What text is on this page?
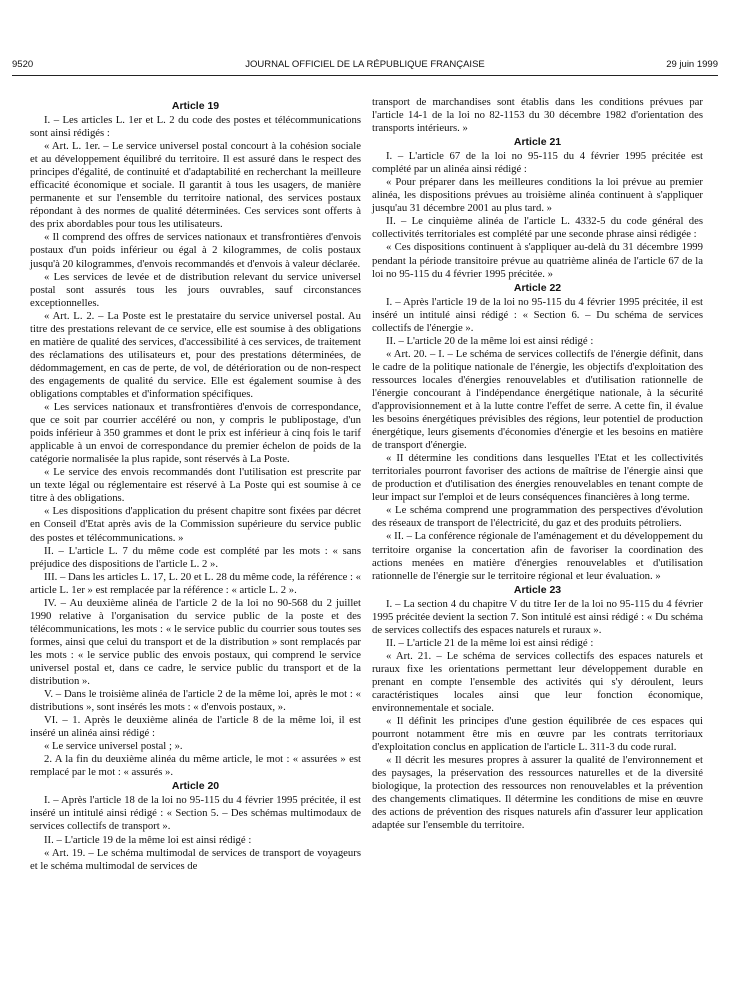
9520	JOURNAL OFFICIEL DE LA RÉPUBLIQUE FRANÇAISE	29 juin 1999
Article 19

I. – Les articles L. 1er et L. 2 du code des postes et télécommunications sont ainsi rédigés :

« Art. L. 1er. – Le service universel postal concourt à la cohésion sociale et au développement équilibré du territoire. Il est assuré dans le respect des principes d'égalité, de continuité et d'adaptabilité en recherchant la meilleure efficacité économique et sociale. Il garantit à tous les usagers, de manière permanente et sur l'ensemble du territoire national, des services postaux répondant à des normes de qualité déterminées. Ces services sont offerts à des prix abordables pour tous les utilisateurs.

« Il comprend des offres de services nationaux et transfrontières d'envois postaux d'un poids inférieur ou égal à 2 kilogrammes, de colis postaux jusqu'à 20 kilogrammes, d'envois recommandés et d'envois à valeur déclarée.

« Les services de levée et de distribution relevant du service universel postal sont assurés tous les jours ouvrables, sauf circonstances exceptionnelles.

« Art. L. 2. – La Poste est le prestataire du service universel postal. Au titre des prestations relevant de ce service, elle est soumise à des obligations en matière de qualité des services, d'accessibilité à ces services, de traitement des réclamations des utilisateurs et, pour des prestations déterminées, de dédommagement, en cas de perte, de vol, de détérioration ou de non-respect des engagements de qualité du service. Elle est également soumise à des obligations comptables et d'information spécifiques.

« Les services nationaux et transfrontières d'envois de correspondance, que ce soit par courrier accéléré ou non, y compris le publipostage, d'un poids inférieur à 350 grammes et dont le prix est inférieur à cinq fois le tarif applicable à un envoi de correspondance du premier échelon de poids de la catégorie normalisée la plus rapide, sont réservés à La Poste.

« Le service des envois recommandés dont l'utilisation est prescrite par un texte légal ou réglementaire est réservé à La Poste qui est soumise à ce titre à des obligations.

« Les dispositions d'application du présent chapitre sont fixées par décret en Conseil d'Etat après avis de la Commission supérieure du service public des postes et télécommunications. »

II. – L'article L. 7 du même code est complété par les mots : « sans préjudice des dispositions de l'article L. 2 ».

III. – Dans les articles L. 17, L. 20 et L. 28 du même code, la référence : « article L. 1er » est remplacée par la référence : « article L. 2 ».

IV. – Au deuxième alinéa de l'article 2 de la loi no 90-568 du 2 juillet 1990 relative à l'organisation du service public de la poste et des télécommunications, les mots : « le service public du courrier sous toutes ses formes, ainsi que celui du transport et de la distribution » sont remplacés par les mots : « le service public des envois postaux, qui comprend le service universel postal et, dans ce cadre, le service public du transport et de la distribution ».

V. – Dans le troisième alinéa de l'article 2 de la même loi, après le mot : « distributions », sont insérés les mots : « d'envois postaux, ».

VI. – 1. Après le deuxième alinéa de l'article 8 de la même loi, il est inséré un alinéa ainsi rédigé :

« Le service universel postal ; ».

2. A la fin du deuxième alinéa du même article, le mot : « assurées » est remplacé par le mot : « assurés ».

Article 20

I. – Après l'article 18 de la loi no 95-115 du 4 février 1995 précitée, il est inséré un intitulé ainsi rédigé : « Section 5. – Des schémas multimodaux de services collectifs de transport ».

II. – L'article 19 de la même loi est ainsi rédigé :

« Art. 19. – Le schéma multimodal de services de transport de voyageurs et le schéma multimodal de services de

transport de marchandises sont établis dans les conditions prévues par l'article 14-1 de la loi no 82-1153 du 30 décembre 1982 d'orientation des transports intérieurs. »

Article 21

I. – L'article 67 de la loi no 95-115 du 4 février 1995 précitée est complété par un alinéa ainsi rédigé :

« Pour préparer dans les meilleures conditions la loi prévue au premier alinéa, les dispositions prévues au troisième alinéa continuent à s'appliquer jusqu'au 31 décembre 2001 au plus tard. »

II. – Le cinquième alinéa de l'article L. 4332-5 du code général des collectivités territoriales est complété par une seconde phrase ainsi rédigée :

« Ces dispositions continuent à s'appliquer au-delà du 31 décembre 1999 pendant la période transitoire prévue au quatrième alinéa de l'article 67 de la loi no 95-115 du 4 février 1995 précitée. »

Article 22

I. – Après l'article 19 de la loi no 95-115 du 4 février 1995 précitée, il est inséré un intitulé ainsi rédigé : « Section 6. – Du schéma de services collectifs de l'énergie ».

II. – L'article 20 de la même loi est ainsi rédigé :

« Art. 20. – I. – Le schéma de services collectifs de l'énergie définit, dans le cadre de la politique nationale de l'énergie, les objectifs d'exploitation des ressources locales d'énergies renouvelables et d'utilisation rationnelle de l'énergie concourant à l'indépendance énergétique nationale, à la sécurité d'approvisionnement et à la lutte contre l'effet de serre. A cette fin, il évalue les besoins énergétiques prévisibles des régions, leur potentiel de production énergétique, leurs gisements d'économies d'énergie et les besoins en matière de transport d'énergie.

« II détermine les conditions dans lesquelles l'Etat et les collectivités territoriales pourront favoriser des actions de maîtrise de l'énergie ainsi que de production et d'utilisation des énergies renouvelables en tenant compte de leur impact sur l'emploi et de leurs conséquences financières à long terme.

« Le schéma comprend une programmation des perspectives d'évolution des réseaux de transport de l'électricité, du gaz et des produits pétroliers.

« II. – La conférence régionale de l'aménagement et du développement du territoire organise la concertation afin de favoriser la coordination des actions menées en matière d'énergies renouvelables et d'utilisation rationnelle de l'énergie sur le territoire régional et leur évaluation. »

Article 23

I. – La section 4 du chapitre V du titre Ier de la loi no 95-115 du 4 février 1995 précitée devient la section 7. Son intitulé est ainsi rédigé : « Du schéma de services collectifs des espaces naturels et ruraux ».

II. – L'article 21 de la même loi est ainsi rédigé :

« Art. 21. – Le schéma de services collectifs des espaces naturels et ruraux fixe les orientations permettant leur développement durable en prenant en compte l'ensemble des activités qui s'y déroulent, leurs caractéristiques locales ainsi que leur fonction économique, environnementale et sociale.

« Il définit les principes d'une gestion équilibrée de ces espaces qui pourront notamment être mis en œuvre par les contrats territoriaux d'exploitation conclus en application de l'article L. 311-3 du code rural.

« Il décrit les mesures propres à assurer la qualité de l'environnement et des paysages, la préservation des ressources naturelles et de la diversité biologique, la protection des ressources non renouvelables et la prévention des changements climatiques. Il détermine les conditions de mise en œuvre des actions de prévention des risques naturels afin d'assurer leur application adaptée sur l'ensemble du territoire.
